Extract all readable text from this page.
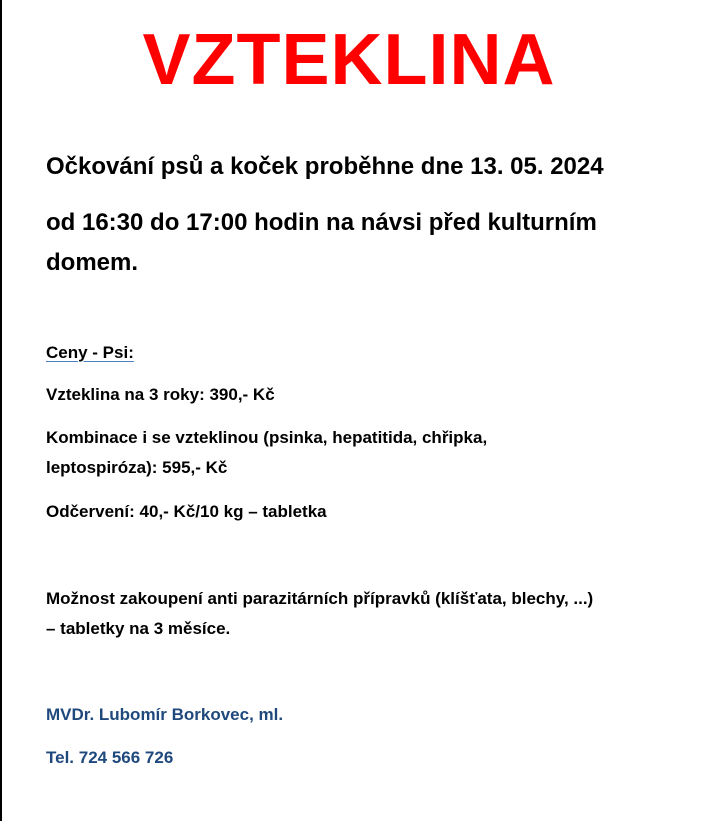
VZTEKLINA
Očkování psů a koček proběhne dne 13. 05. 2024
od 16:30 do 17:00 hodin na návsi před kulturním
domem.
Ceny - Psi:
Vzteklina na 3 roky: 390,- Kč
Kombinace i se vzteklinou (psinka, hepatitida, chřipka,
leptospiróza): 595,- Kč
Odčervení: 40,- Kč/10 kg – tabletka
Možnost zakoupení anti parazitárních přípravků (klíšťata, blechy, ...)
– tabletky na 3 měsíce.
MVDr. Lubomír Borkovec, ml.
Tel. 724 566 726
